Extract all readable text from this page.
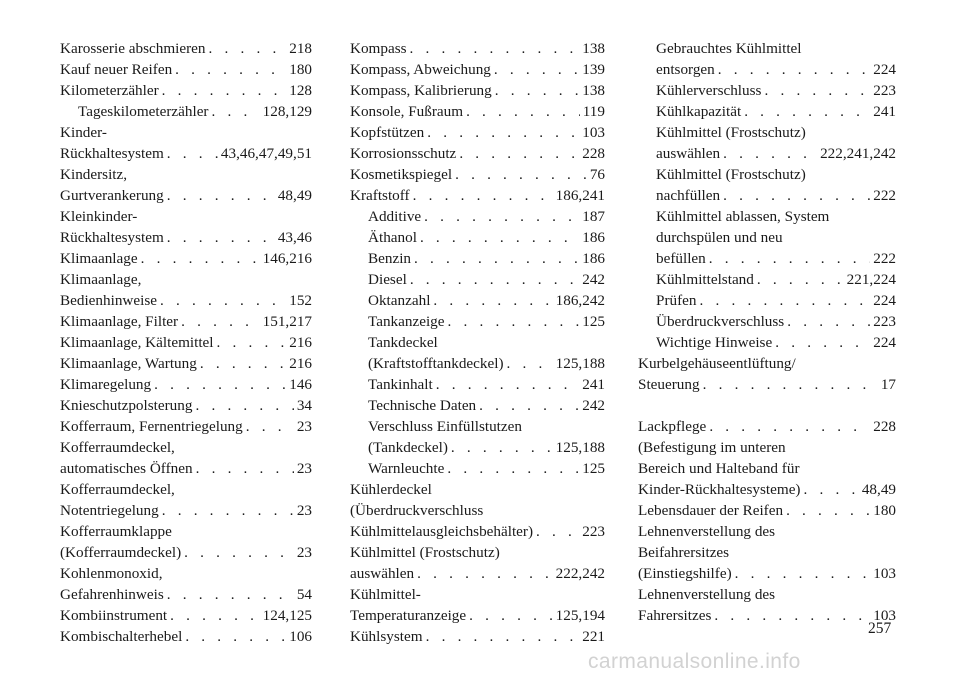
Karosserie abschmieren . . .	218
Kauf neuer Reifen . . .	180
Kilometerzähler . . .	128
Tageskilometerzähler . . .	128,129
Kinder-
Rückhaltesystem . . .	43,46,47,49,51
Kindersitz,
Gurtverankerung . . .	48,49
Kleinkinder-
Rückhaltesystem . . .	43,46
Klimaanlage . . .	146,216
Klimaanlage,
Bedienhinweise . . .	152
Klimaanlage, Filter . . .	151,217
Klimaanlage, Kältemittel . . .	216
Klimaanlage, Wartung . . .	216
Klimaregelung . . .	146
Knieschutzpolsterung . . .	34
Kofferraum, Fernentriegelung . . .	23
Kofferraumdeckel,
automatisches Öffnen . . .	23
Kofferraumdeckel,
Notentriegelung . . .	23
Kofferraumklappe
(Kofferraumdeckel) . . .	23
Kohlenmonoxid,
Gefahrenhinweis . . .	54
Kombiinstrument . . .	124,125
Kombischalterhebel . . .	106
Kompass . . .	138
Kompass, Abweichung . . .	139
Kompass, Kalibrierung . . .	138
Konsole, Fußraum . . .	119
Kopfstützen . . .	103
Korrosionsschutz . . .	228
Kosmetikspiegel . . .	76
Kraftstoff . . .	186,241
Additive . . .	187
Äthanol . . .	186
Benzin . . .	186
Diesel . . .	242
Oktanzahl . . .	186,242
Tankanzeige . . .	125
Tankdeckel
(Kraftstofftankdeckel) . . .	125,188
Tankinhalt . . .	241
Technische Daten . . .	242
Verschluss Einfüllstutzen
(Tankdeckel) . . .	125,188
Warnleuchte . . .	125
Kühlerdeckel
(Überdruckverschluss
Kühlmittelausgleichsbehälter) . . .	223
Kühlmittel (Frostschutz)
auswählen . . .	222,242
Kühlmittel-
Temperaturanzeige . . .	125,194
Kühlsystem . . .	221
Gebrauchtes Kühlmittel
entsorgen . . .	224
Kühlerverschluss . . .	223
Kühlkapazität . . .	241
Kühlmittel (Frostschutz)
auswählen . . .	222,241,242
Kühlmittel (Frostschutz)
nachfüllen . . .	222
Kühlmittel ablassen, System
durchspülen und neu
befüllen . . .	222
Kühlmittelstand . . .	221,224
Prüfen . . .	224
Überdruckverschluss . . .	223
Wichtige Hinweise . . .	224
Kurbelgehäuseentlüftung/
Steuerung . . .	17
Lackpflege . . .	228
(Befestigung im unteren
Bereich und Halteband für
Kinder-Rückhaltesysteme) . . .	48,49
Lebensdauer der Reifen . . .	180
Lehnenverstellung des
Beifahrersitzes
(Einstiegshilfe) . . .	103
Lehnenverstellung des
Fahrersitzes . . .	103
257
carmanualsonline.info
